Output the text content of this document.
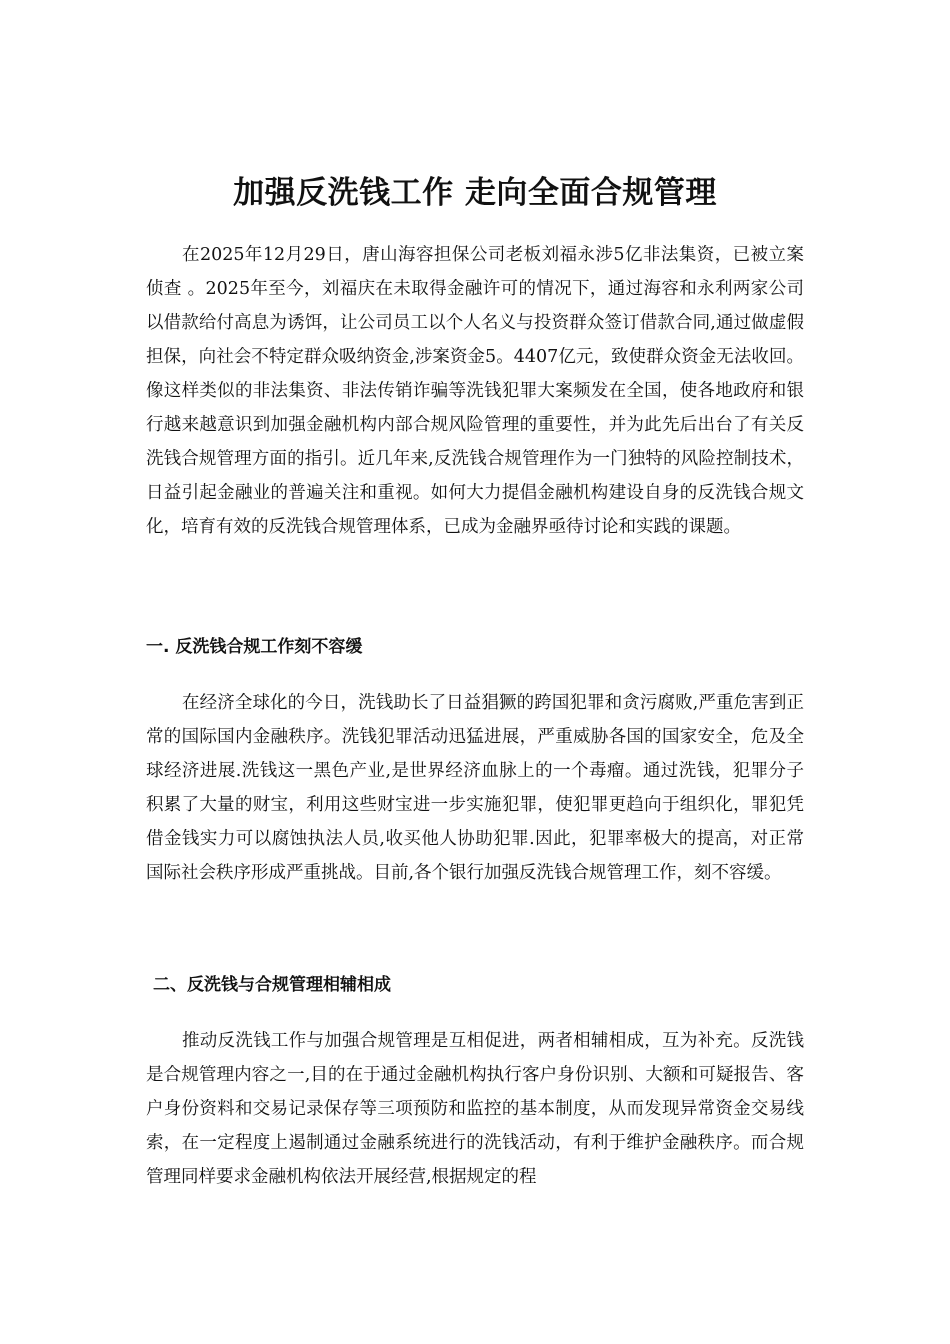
加强反洗钱工作 走向全面合规管理

在2025年12月29日，唐山海容担保公司老板刘福永涉5亿非法集资，已被立案侦查 。2025年至今，刘福庆在未取得金融许可的情况下，通过海容和永利两家公司以借款给付高息为诱饵，让公司员工以个人名义与投资群众签订借款合同,通过做虚假担保，向社会不特定群众吸纳资金,涉案资金5。4407亿元，致使群众资金无法收回。像这样类似的非法集资、非法传销诈骗等洗钱犯罪大案频发在全国，使各地政府和银行越来越意识到加强金融机构内部合规风险管理的重要性，并为此先后出台了有关反洗钱合规管理方面的指引。近几年来,反洗钱合规管理作为一门独特的风险控制技术，日益引起金融业的普遍关注和重视。如何大力提倡金融机构建设自身的反洗钱合规文化，培育有效的反洗钱合规管理体系，已成为金融界亟待讨论和实践的课题。

一. 反洗钱合规工作刻不容缓

在经济全球化的今日，洗钱助长了日益猖獗的跨国犯罪和贪污腐败,严重危害到正常的国际国内金融秩序。洗钱犯罪活动迅猛进展，严重威胁各国的国家安全，危及全球经济进展.洗钱这一黑色产业,是世界经济血脉上的一个毒瘤。通过洗钱，犯罪分子积累了大量的财宝，利用这些财宝进一步实施犯罪，使犯罪更趋向于组织化，罪犯凭借金钱实力可以腐蚀执法人员,收买他人协助犯罪.因此，犯罪率极大的提高，对正常国际社会秩序形成严重挑战。目前,各个银行加强反洗钱合规管理工作，刻不容缓。

二、反洗钱与合规管理相辅相成

推动反洗钱工作与加强合规管理是互相促进，两者相辅相成，互为补充。反洗钱是合规管理内容之一,目的在于通过金融机构执行客户身份识别、大额和可疑报告、客户身份资料和交易记录保存等三项预防和监控的基本制度，从而发现异常资金交易线索，在一定程度上遏制通过金融系统进行的洗钱活动，有利于维护金融秩序。而合规管理同样要求金融机构依法开展经营,根据规定的程
